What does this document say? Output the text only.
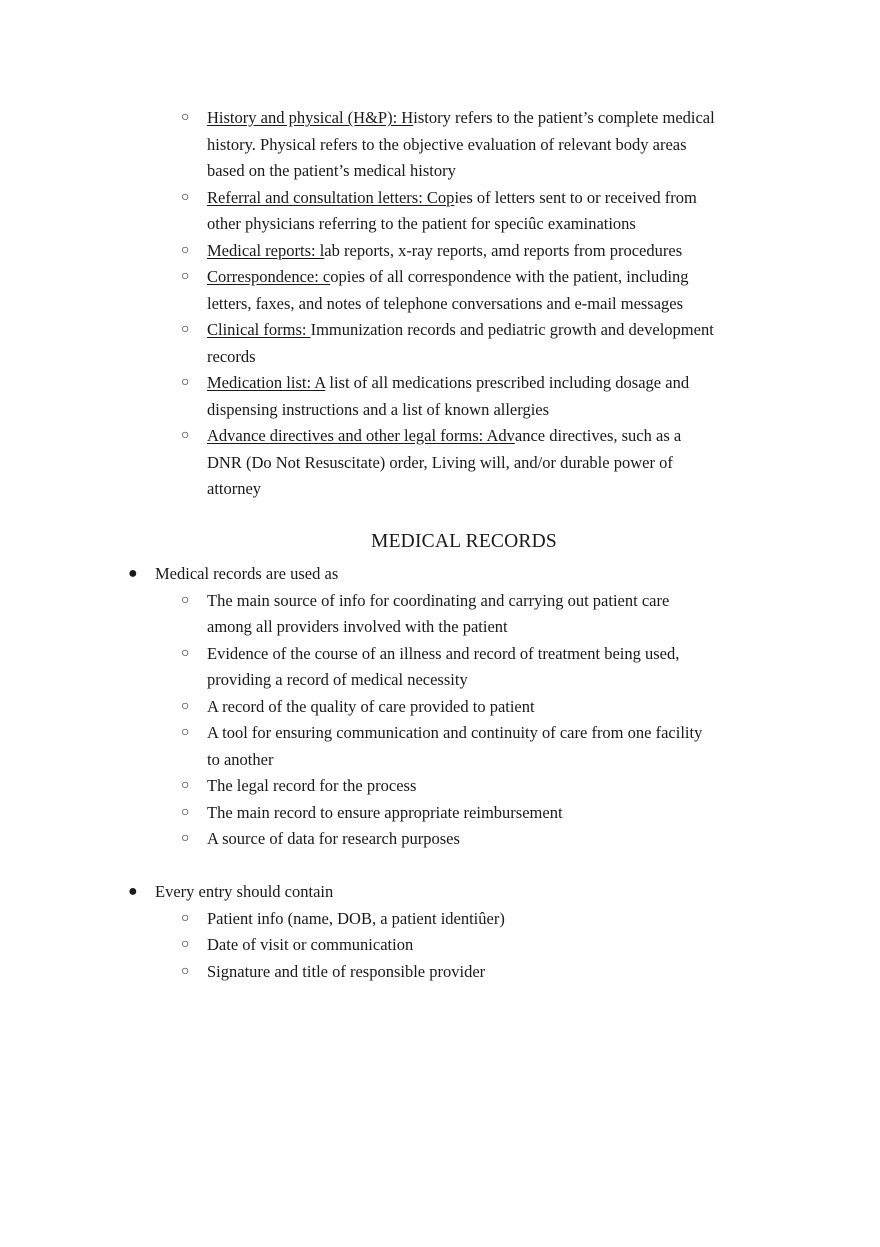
○ History and physical (H&P): History refers to the patient’s complete medical history. Physical refers to the objective evaluation of relevant body areas based on the patient’s medical history
○ Referral and consultation letters: Copies of letters sent to or received from other physicians referring to the patient for speciûc examinations
○ Medical reports: lab reports, x-ray reports, amd reports from procedures
○ Correspondence: copies of all correspondence with the patient, including letters, faxes, and notes of telephone conversations and e-mail messages
○ Clinical forms: Immunization records and pediatric growth and development records
○ Medication list: A list of all medications prescribed including dosage and dispensing instructions and a list of known allergies
○ Advance directives and other legal forms: Advance directives, such as a DNR (Do Not Resuscitate) order, Living will, and/or durable power of attorney
MEDICAL RECORDS
● Medical records are used as
○ The main source of info for coordinating and carrying out patient care among all providers involved with the patient
○ Evidence of the course of an illness and record of treatment being used, providing a record of medical necessity
○ A record of the quality of care provided to patient
○ A tool for ensuring communication and continuity of care from one facility to another
○ The legal record for the process
○ The main record to ensure appropriate reimbursement
○ A source of data for research purposes
● Every entry should contain
○ Patient info (name, DOB, a patient identiûer)
○ Date of visit or communication
○ Signature and title of responsible provider
